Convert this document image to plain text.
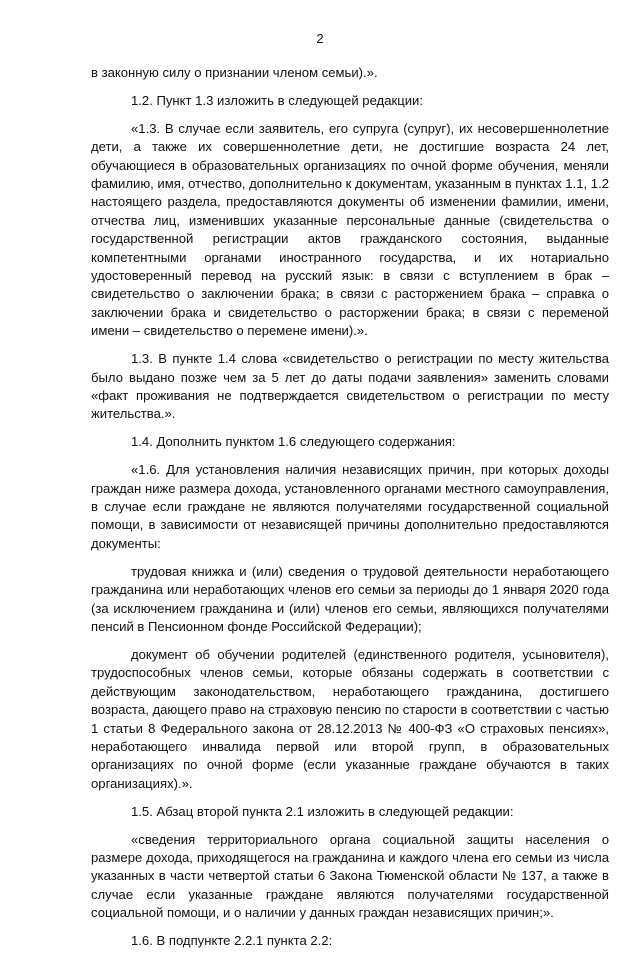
2

в законную силу о признании членом семьи).».

1.2. Пункт 1.3 изложить в следующей редакции:

«1.3. В случае если заявитель, его супруга (супруг), их несовершеннолетние дети, а также их совершеннолетние дети, не достигшие возраста 24 лет, обучающиеся в образовательных организациях по очной форме обучения, меняли фамилию, имя, отчество, дополнительно к документам, указанным в пунктах 1.1, 1.2 настоящего раздела, предоставляются документы об изменении фамилии, имени, отчества лиц, изменивших указанные персональные данные (свидетельства о государственной регистрации актов гражданского состояния, выданные компетентными органами иностранного государства, и их нотариально удостоверенный перевод на русский язык: в связи с вступлением в брак – свидетельство о заключении брака; в связи с расторжением брака – справка о заключении брака и свидетельство о расторжении брака; в связи с переменой имени – свидетельство о перемене имени).».

1.3. В пункте 1.4 слова «свидетельство о регистрации по месту жительства было выдано позже чем за 5 лет до даты подачи заявления» заменить словами «факт проживания не подтверждается свидетельством о регистрации по месту жительства.».

1.4. Дополнить пунктом 1.6 следующего содержания:

«1.6. Для установления наличия независящих причин, при которых доходы граждан ниже размера дохода, установленного органами местного самоуправления, в случае если граждане не являются получателями государственной социальной помощи, в зависимости от независящей причины дополнительно предоставляются документы:

трудовая книжка и (или) сведения о трудовой деятельности неработающего гражданина или неработающих членов его семьи за периоды до 1 января 2020 года (за исключением гражданина и (или) членов его семьи, являющихся получателями пенсий в Пенсионном фонде Российской Федерации);

документ об обучении родителей (единственного родителя, усыновителя), трудоспособных членов семьи, которые обязаны содержать в соответствии с действующим законодательством, неработающего гражданина, достигшего возраста, дающего право на страховую пенсию по старости в соответствии с частью 1 статьи 8 Федерального закона от 28.12.2013 № 400-ФЗ «О страховых пенсиях», неработающего инвалида первой или второй групп, в образовательных организациях по очной форме (если указанные граждане обучаются в таких организациях).».

1.5. Абзац второй пункта 2.1 изложить в следующей редакции:

«сведения территориального органа социальной защиты населения о размере дохода, приходящегося на гражданина и каждого члена его семьи из числа указанных в части четвертой статьи 6 Закона Тюменской области № 137, а также в случае если указанные граждане являются получателями государственной социальной помощи, и о наличии у данных граждан независящих причин;».

1.6. В подпункте 2.2.1 пункта 2.2:
